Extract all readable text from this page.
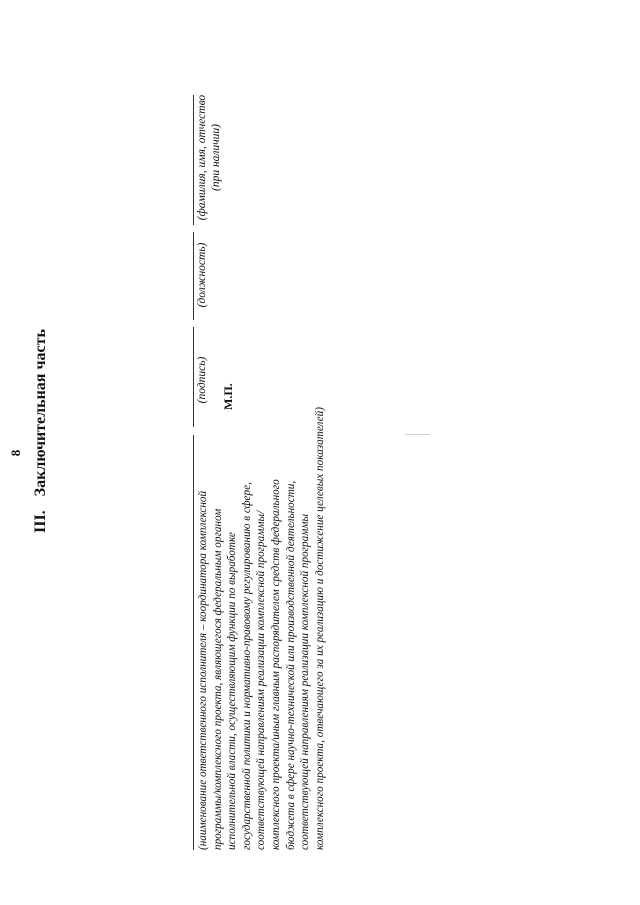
8
III. Заключительная часть	(подпись) М.П.
(должность)
(фамилия, имя, отчество (при наличии)
(наименование ответственного исполнителя – координатора комплексной программы/комплексного проекта, являющегося федеральным органом исполнительной власти, осуществляющим функции по выработке государственной политики и нормативно-правовому регулированию в сфере, соответствующей направлениям реализации комплексной программы/ комплексного проекта/иным главным распорядителем средств федерального бюджета в сфере научно-технической или производственной деятельности, соответствующей направлениям реализации комплексной программы комплексного проекта, отвечающего за их реализацию и достижение целевых показателей)
